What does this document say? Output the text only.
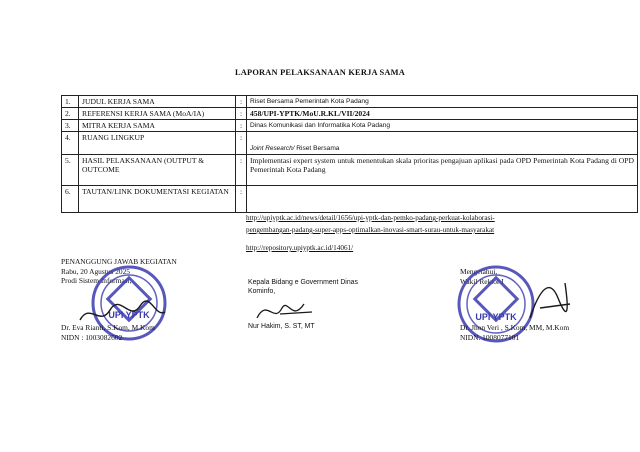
LAPORAN PELAKSANAAN KERJA SAMA
1.	JUDUL KERJA SAMA	:	Riset Bersama Pemerintah Kota Padang
2.	REFERENSI KERJA SAMA (MoA/IA)	:	458/UPI-YPTK/MoU.R.KL/VII/2024
3.	MITRA KERJA SAMA	:	Dinas Komunikasi dan Informatika Kota Padang
4.	RUANG LINGKUP	:	Joint Research/ Riset Bersama
5.	HASIL PELAKSANAAN (OUTPUT & OUTCOME	:	Implementasi expert system untuk menentukan skala prioritas pengajuan aplikasi pada OPD Pemerintah Kota Padang di OPD Pemerintah Kota Padang
6.	TAUTAN/LINK DOKUMENTASI KEGIATAN	:	
http://upiyptk.ac.id/news/detail/1656/upi-yptk-dan-pemko-padang-perkuat-kolaborasi-
pengembangan-padang-super-apps-optimalkan-inovasi-smart-surau-untuk-masyarakat
http://repository.upiyptk.ac.id/14061/
PENANGGUNG JAWAB KEGIATAN
Rabu, 20 Agustus 2025
Prodi Sistem Informasi,
UPI YPTK
Dr. Eva Rianti, S.Kom, M.Kom
NIDN : 1003082602
Kepala Bidang e Government Dinas
Kominfo,
Nur Hakim, S. ST, MT
Mengetahui,
Wakil Rektor I
UPI YPTK
Dr. Jhon Veri , S.Kom, MM, M.Kom
NIDN. 1008077101
